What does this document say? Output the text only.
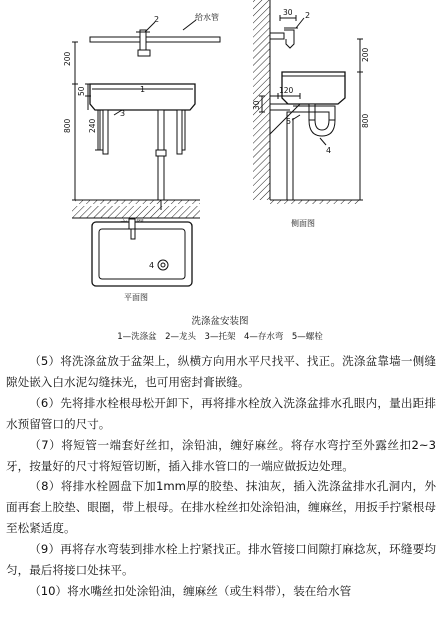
200
50
240
800
1
2	给水管
3
30 2
200
120
30
5
4
800
侧面图
4
平面图
洗涤盆安装图
1—洗涤盆　2—龙头　3—托架　4—存水弯　5—螺栓

（5）将洗涤盆放于盆架上，纵横方向用水平尺找平、找正。洗涤盆靠墙一侧缝隙处嵌入白水泥勾缝抹光，也可用密封膏嵌缝。

（6）先将排水栓根母松开卸下，再将排水栓放入洗涤盆排水孔眼内，量出距排水预留管口的尺寸。

（7）将短管一端套好丝扣，涂铅油，缠好麻丝。将存水弯拧至外露丝扣2~3牙，按量好的尺寸将短管切断，插入排水管口的一端应做扳边处理。

（8）将排水栓圆盘下加1mm厚的胶垫、抹油灰，插入洗涤盆排水孔洞内，外面再套上胶垫、眼圈，带上根母。在排水栓丝扣处涂铅油，缠麻丝，用扳手拧紧根母至松紧适度。

（9）再将存水弯装到排水栓上拧紧找正。排水管接口间隙打麻捻灰，环缝要均匀，最后将接口处抹平。

（10）将水嘴丝扣处涂铅油，缠麻丝（或生料带），装在给水管
